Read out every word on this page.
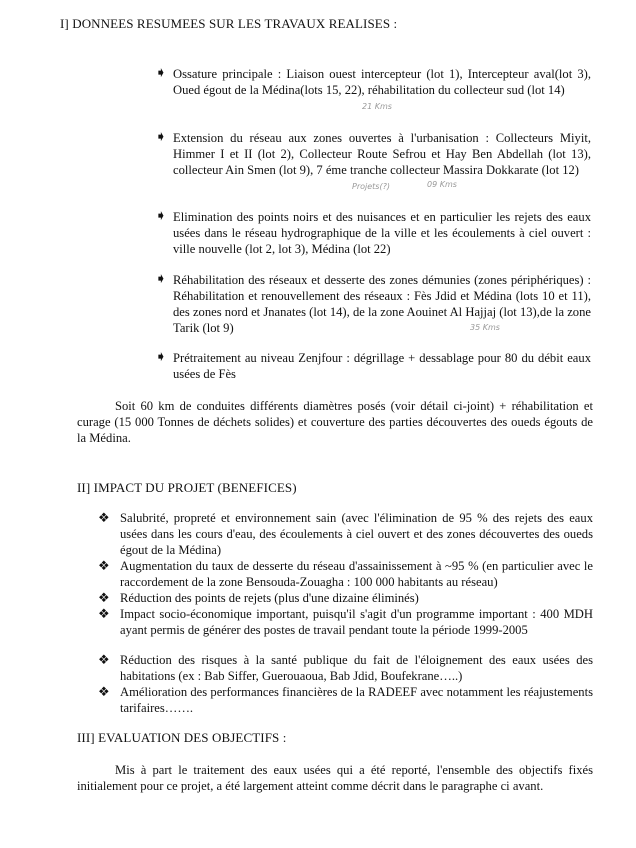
I] DONNEES RESUMEES SUR LES TRAVAUX REALISES :
➧ Ossature principale : Liaison ouest intercepteur (lot 1), Intercepteur aval(lot 3), Oued égout de la Médina(lots 15, 22), réhabilitation du collecteur sud (lot 14)
➧ Extension du réseau aux zones ouvertes à l'urbanisation : Collecteurs Miyit, Himmer I et II (lot 2), Collecteur Route Sefrou et Hay Ben Abdellah (lot 13), collecteur Ain Smen (lot 9), 7 éme tranche collecteur Massira Dokkarate (lot 12)
➧ Elimination des points noirs et des nuisances et en particulier les rejets des eaux usées dans le réseau hydrographique de la ville et les écoulements à ciel ouvert : ville nouvelle (lot 2, lot 3), Médina (lot 22)
➧ Réhabilitation des réseaux et desserte des zones démunies (zones périphériques) : Réhabilitation et renouvellement des réseaux : Fès Jdid et Médina (lots 10 et 11), des zones nord et Jnanates (lot 14), de la zone Aouinet Al Hajjaj (lot 13),de la zone Tarik (lot 9)
➧ Prétraitement au niveau Zenjfour : dégrillage + dessablage pour 80 du débit eaux usées de Fès
21 Kms
Projets(?)	09 Kms
35 Kms
Soit 60 km de conduites différents diamètres posés (voir détail ci-joint) + réhabilitation et curage (15 000 Tonnes de déchets solides) et couverture des parties découvertes des oueds égouts de la Médina.
II] IMPACT DU PROJET (BENEFICES)
❖ Salubrité, propreté et environnement sain (avec l'élimination de 95 % des rejets des eaux usées dans les cours d'eau, des écoulements à ciel ouvert et des zones découvertes des oueds égout de la Médina)
❖ Augmentation du taux de desserte du réseau d'assainissement à ~95 % (en particulier avec le raccordement de la zone Bensouda-Zouagha : 100 000 habitants au réseau)
❖ Réduction des points de rejets (plus d'une dizaine éliminés)
❖ Impact socio-économique important, puisqu'il s'agit d'un programme important : 400 MDH ayant permis de générer des postes de travail pendant toute la période 1999-2005
❖ Réduction des risques à la santé publique du fait de l'éloignement des eaux usées des habitations (ex : Bab Siffer, Guerouaoua, Bab Jdid, Boufekrane…..)
❖ Amélioration des performances financières de la RADEEF avec notamment les réajustements tarifaires…….
III] EVALUATION DES OBJECTIFS :
Mis à part le traitement des eaux usées qui a été reporté, l'ensemble des objectifs fixés initialement pour ce projet, a été largement atteint comme décrit dans le paragraphe ci avant.
